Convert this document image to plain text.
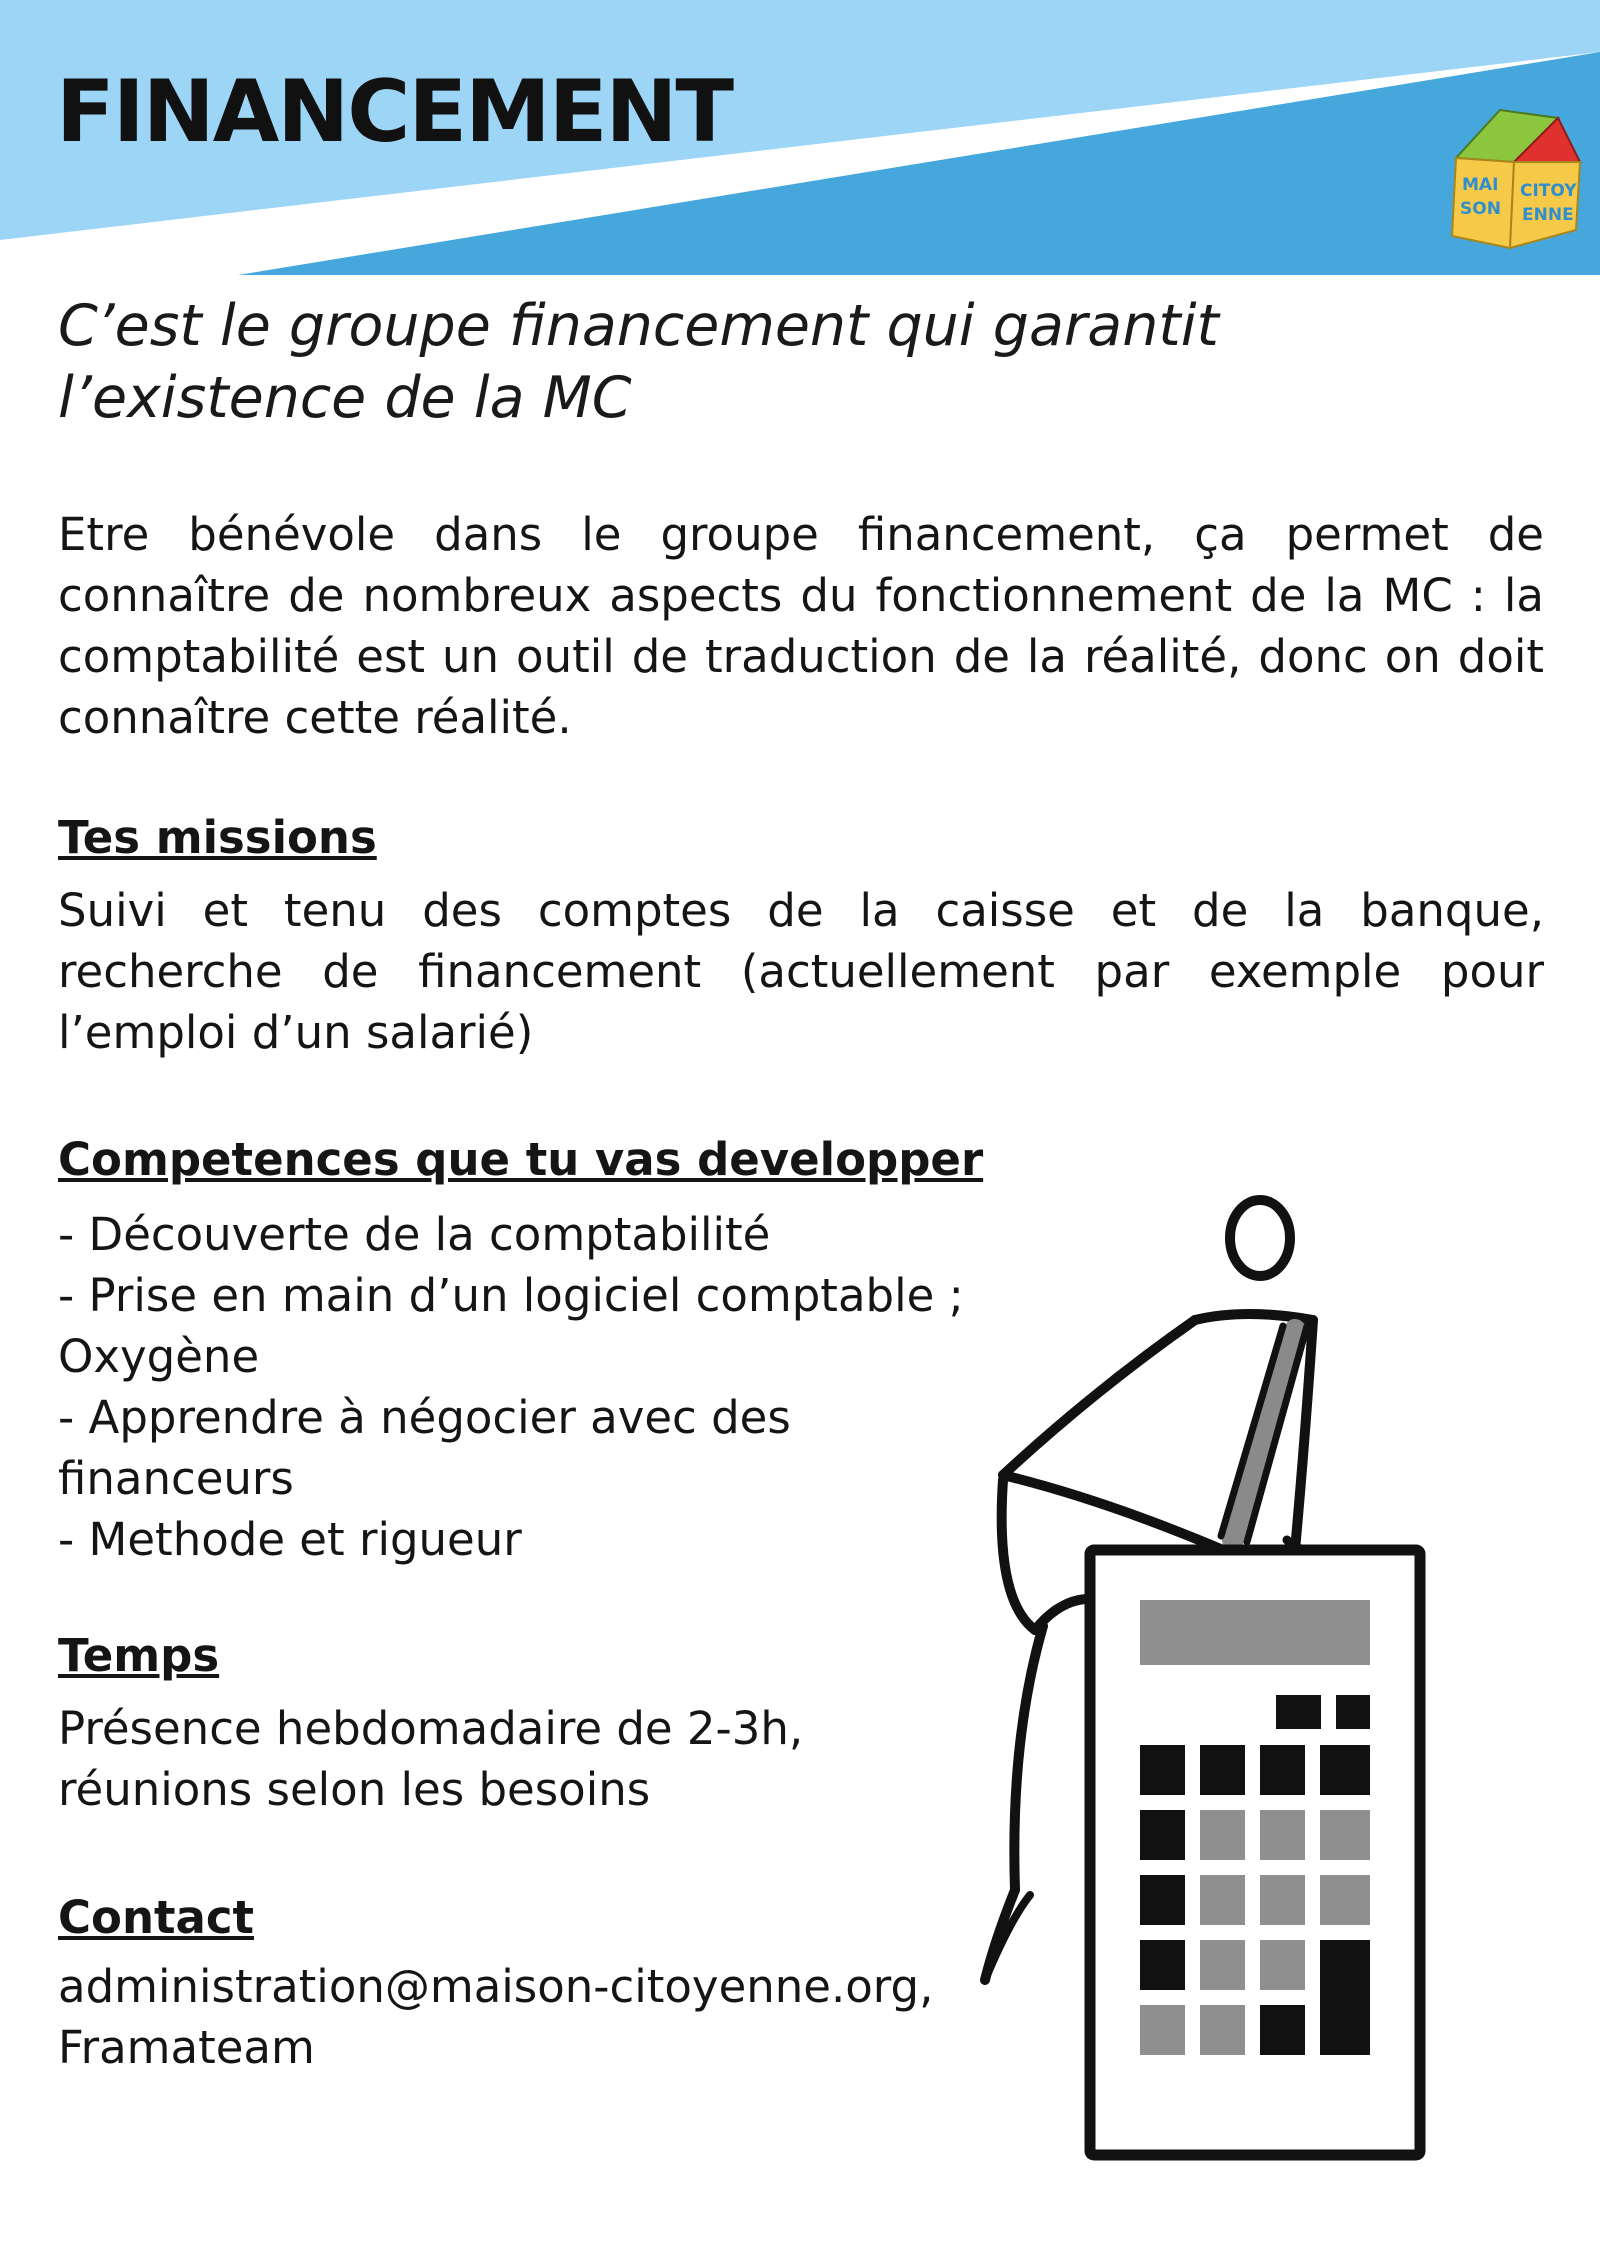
FINANCEMENT
MAI
SON
CITOY
ENNE

C’est le groupe financement qui garantit l’existence de la MC

Etre bénévole dans le groupe financement, ça permet de connaître de nombreux aspects du fonctionnement de la MC : la comptabilité est un outil de traduction de la réalité, donc on doit connaître cette réalité.

Tes missions

Suivi et tenu des comptes de la caisse et de la banque, recherche de financement (actuellement par exemple pour l’emploi d’un salarié)

Competences que tu vas developper
- Découverte de la comptabilité
- Prise en main d’un logiciel comptable ; Oxygène
- Apprendre à négocier avec des financeurs
- Methode et rigueur
Temps

Présence hebdomadaire de 2-3h,

réunions selon les besoins

Contact

administration@maison-citoyenne.org,

Framateam
